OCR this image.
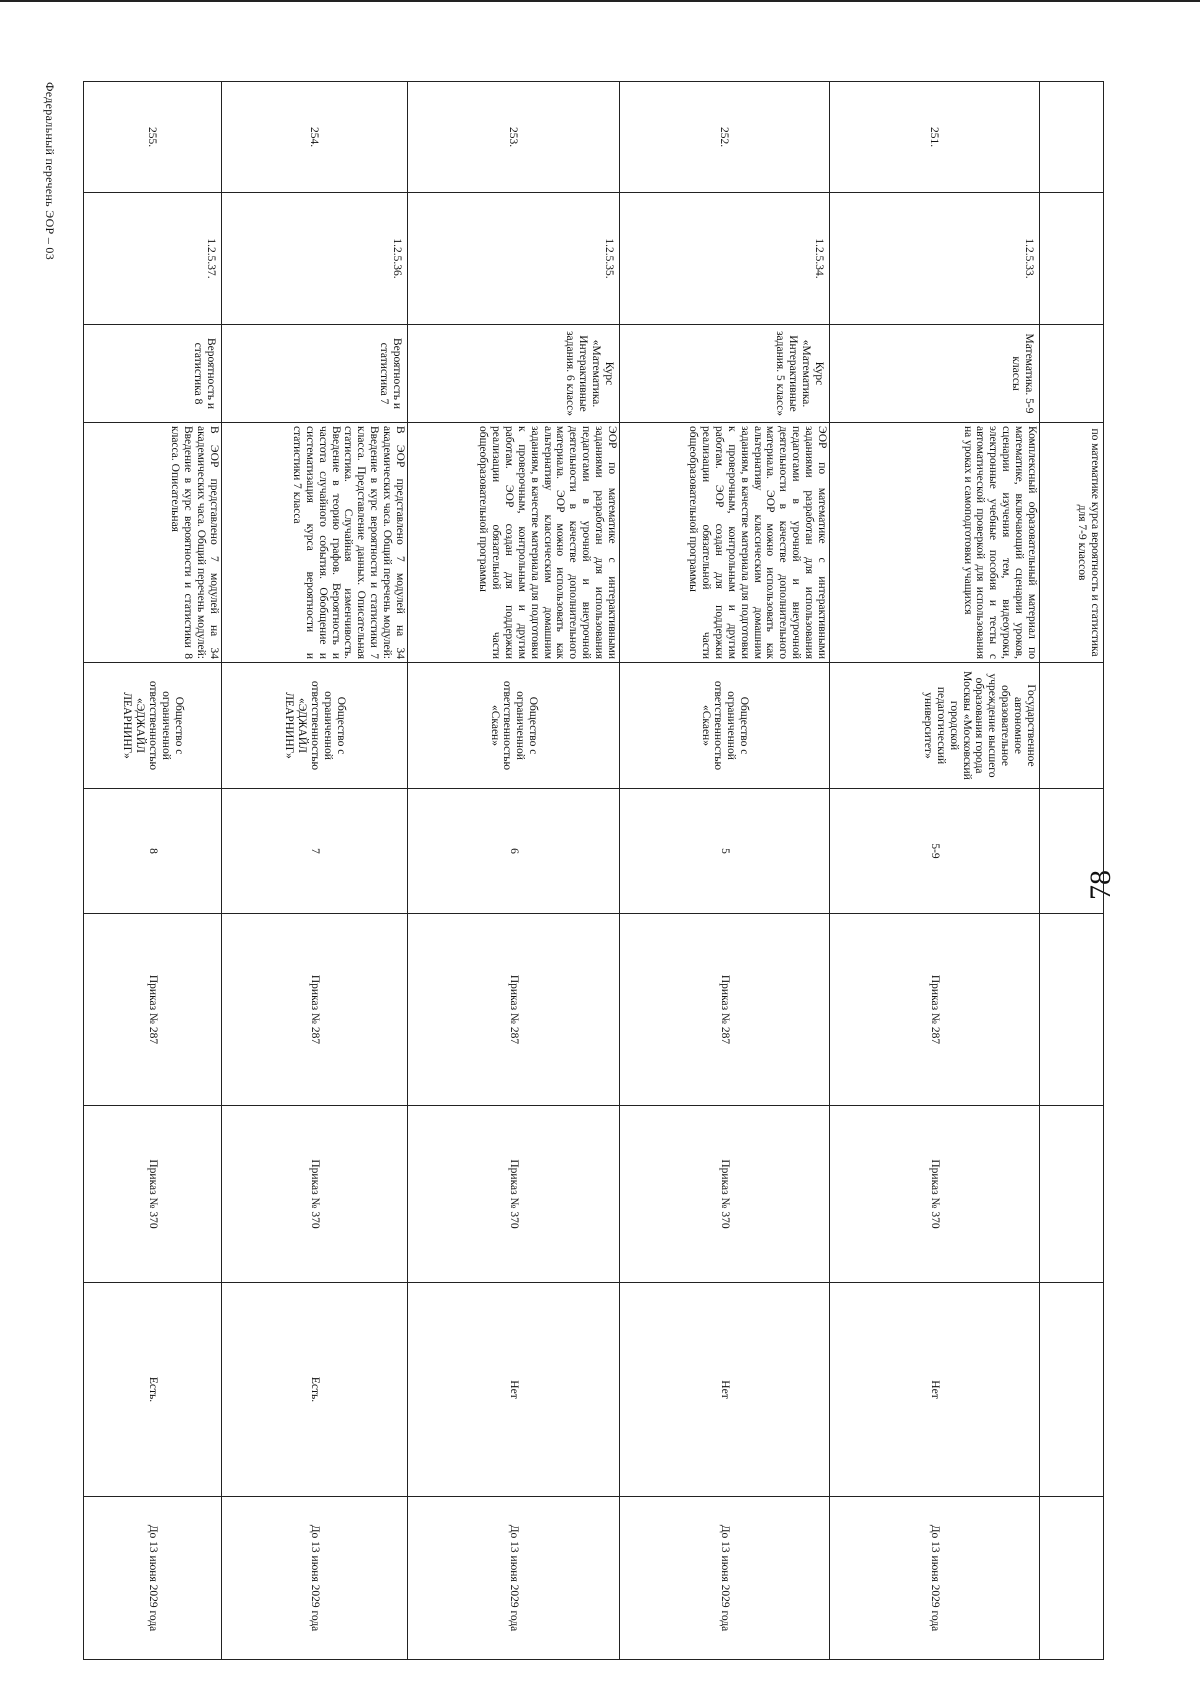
78
			по математике курса вероятность и статистика для 7-9 классов						
251.	1.2.5.33.	Математика. 5-9 классы	Комплексный образовательный материал по математике, включающий сценарии уроков, сценарии изучения тем, видеоуроки, электронные учебные пособия и тесты с автоматической проверкой для использования на уроках и самоподготовки учащихся	Государственное автономное образовательное учреждение высшего образования города Москвы «Московский городской педагогический университет»	5-9	Приказ № 287	Приказ № 370	Нет	До 13 июня 2029 года
252.	1.2.5.34.	Курс «Математика. Интерактивные задания. 5 класс»	ЭОР по математике с интерактивными заданиями разработан для использования педагогами в урочной и внеурочной деятельности в качестве дополнительного материала. ЭОР можно использовать как альтернативу классическим домашним заданиям, в качестве материала для подготовки к проверочным, контрольным и другим работам. ЭОР создан для поддержки реализации обязательной части общеобразовательной программы	Общество с ограниченной ответственностью «Скаен»	5	Приказ № 287	Приказ № 370	Нет	До 13 июня 2029 года
253.	1.2.5.35.	Курс «Математика. Интерактивные задания. 6 класс»	ЭОР по математике с интерактивными заданиями разработан для использования педагогами в урочной и внеурочной деятельности в качестве дополнительного материала. ЭОР можно использовать как альтернативу классическим домашним заданиям, в качестве материала для подготовки к проверочным, контрольным и другим работам. ЭОР создан для поддержки реализации обязательной части общеобразовательной программы	Общество с ограниченной ответственностью «Скаен»	6	Приказ № 287	Приказ № 370	Нет	До 13 июня 2029 года
254.	1.2.5.36.	Вероятность и статистика 7	В ЭОР представлено 7 модулей на 34 академических часа. Общий перечень модулей: Введение в курс вероятности и статистики 7 класса. Представление данных. Описательная статистика. Случайная изменчивость. Введение в теорию графов. Вероятность и частота случайного события. Обобщение и систематизация курса вероятности и статистики 7 класса	Общество с ограниченной ответственностью «ЭДЖАЙЛ ЛЕАРНИНГ»	7	Приказ № 287	Приказ № 370	Есть.	До 13 июня 2029 года
255.	1.2.5.37.	Вероятность и статистика 8	В ЭОР представлено 7 модулей на 34 академических часа. Общий перечень модулей: Введение в курс вероятности и статистики 8 класса. Описательная	Общество с ограниченной ответственностью «ЭДЖАЙЛ ЛЕАРНИНГ»	8	Приказ № 287	Приказ № 370	Есть.	До 13 июня 2029 года
Федеральный перечень ЭОР – 03
